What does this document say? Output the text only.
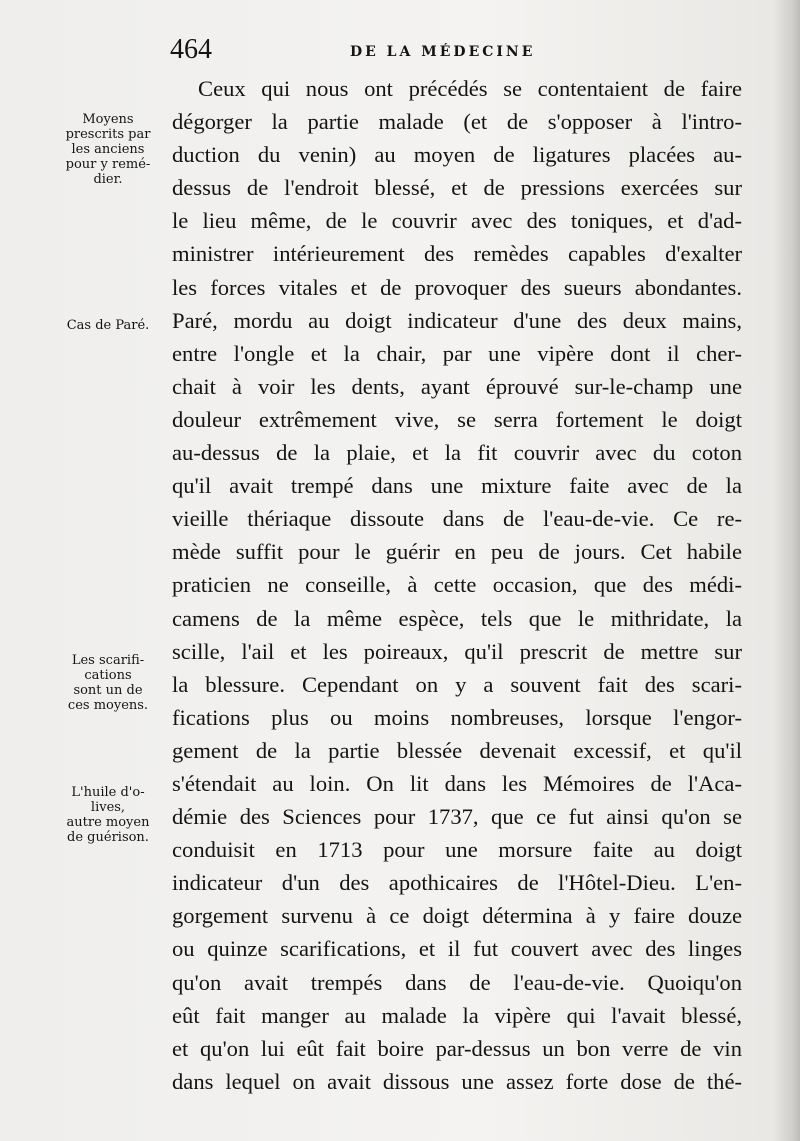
464	DE LA MÉDECINE
Moyens
prescrits par
les anciens
pour y remé-
dier.
Cas de Paré.
Les scarifi-
cations
sont un de
ces moyens.
L'huile d'o-
lives,
autre moyen
de guérison.
Ceux qui nous ont précédés se contentaient de faire
dégorger la partie malade (et de s'opposer à l'intro-
duction du venin) au moyen de ligatures placées au-
dessus de l'endroit blessé, et de pressions exercées sur
le lieu même, de le couvrir avec des toniques, et d'ad-
ministrer intérieurement des remèdes capables d'exalter
les forces vitales et de provoquer des sueurs abondantes.
Paré, mordu au doigt indicateur d'une des deux mains,
entre l'ongle et la chair, par une vipère dont il cher-
chait à voir les dents, ayant éprouvé sur-le-champ une
douleur extrêmement vive, se serra fortement le doigt
au-dessus de la plaie, et la fit couvrir avec du coton
qu'il avait trempé dans une mixture faite avec de la
vieille thériaque dissoute dans de l'eau-de-vie. Ce re-
mède suffit pour le guérir en peu de jours. Cet habile
praticien ne conseille, à cette occasion, que des médi-
camens de la même espèce, tels que le mithridate, la
scille, l'ail et les poireaux, qu'il prescrit de mettre sur
la blessure. Cependant on y a souvent fait des scari-
fications plus ou moins nombreuses, lorsque l'engor-
gement de la partie blessée devenait excessif, et qu'il
s'étendait au loin. On lit dans les Mémoires de l'Aca-
démie des Sciences pour 1737, que ce fut ainsi qu'on se
conduisit en 1713 pour une morsure faite au doigt
indicateur d'un des apothicaires de l'Hôtel-Dieu. L'en-
gorgement survenu à ce doigt détermina à y faire douze
ou quinze scarifications, et il fut couvert avec des linges
qu'on avait trempés dans de l'eau-de-vie. Quoiqu'on
eût fait manger au malade la vipère qui l'avait blessé,
et qu'on lui eût fait boire par-dessus un bon verre de vin
dans lequel on avait dissous une assez forte dose de thé-
